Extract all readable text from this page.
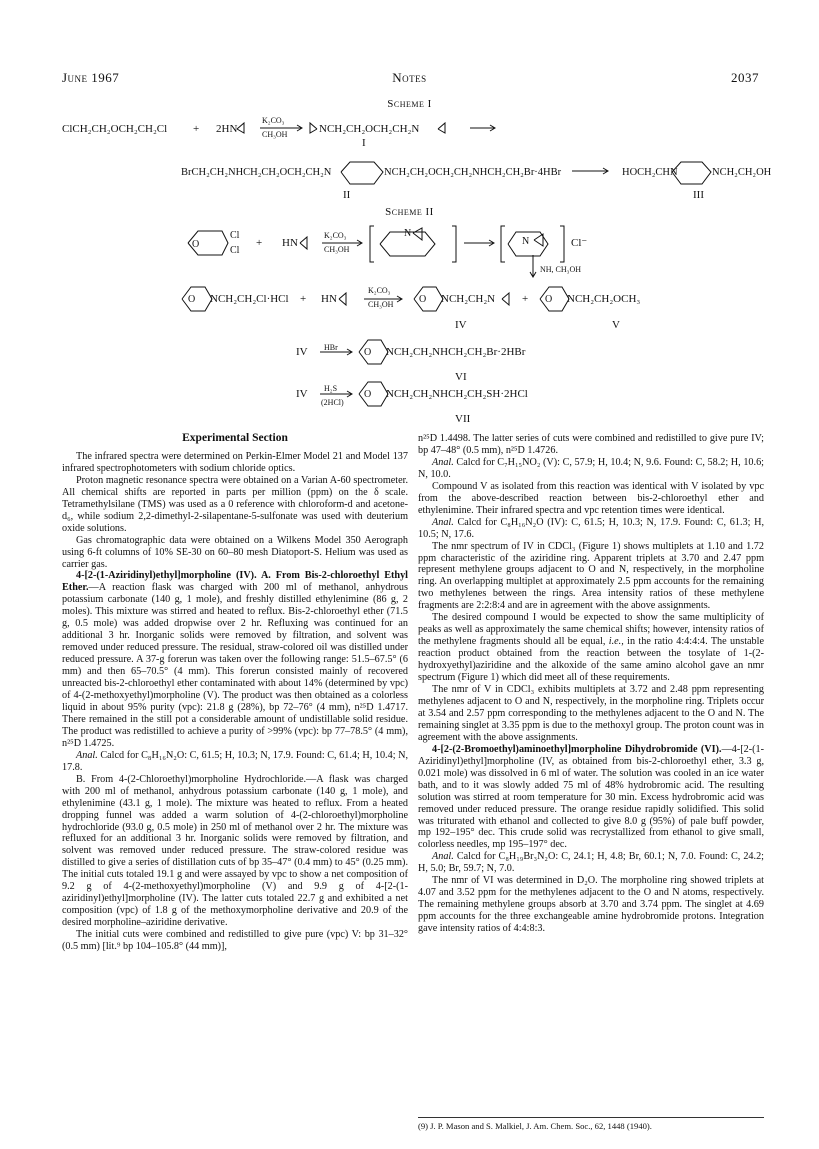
June 1967	Notes	2037
Scheme I
Scheme II
ClCH₂CH₂OCH₂CH₂Cl + 2HN
K₂CO₃
CH₃OH	NCH₂CH₂OCH₂CH₂N
I
BrCH₂CH₂NHCH₂CH₂OCH₂CH₂N	NCH₂CH₂OCH₂CH₂NHCH₂CH₂Br·4HBr
II
HOCH₂CHN	NCH₂CH₂OH
III
O
Cl
Cl
+ HN
K₂CO₃
CH₃OH
N
N	Cl⁻
NH, CH₃OH
O NCH₂CH₂Cl·HCl + HN
K₂CO₃
CH₃OH	O NCH₂CH₂N
IV
+ O NCH₂CH₂OCH₃
V
IV HBr	O NCH₂CH₂NHCH₂CH₂Br·2HBr
VI
IV H₂S
(2HCl)
O NCH₂CH₂NHCH₂CH₂SH·2HCl
VII
Experimental Section

The infrared spectra were determined on Perkin-Elmer Model 21 and Model 137 infrared spectrophotometers with sodium chloride optics.

Proton magnetic resonance spectra were obtained on a Varian A-60 spectrometer. All chemical shifts are reported in parts per million (ppm) on the δ scale. Tetramethylsilane (TMS) was used as a 0 reference with chloroform-d and acetone-d₆, while sodium 2,2-dimethyl-2-silapentane-5-sulfonate was used with deuterium oxide solutions.

Gas chromatographic data were obtained on a Wilkens Model 350 Aerograph using 6-ft columns of 10% SE-30 on 60–80 mesh Diatoport-S. Helium was used as carrier gas.

4-[2-(1-Aziridinyl)ethyl]morpholine (IV). A. From Bis-2-chloroethyl Ethyl Ether.—A reaction flask was charged with 200 ml of methanol, anhydrous potassium carbonate (140 g, 1 mole), and freshly distilled ethylenimine (86 g, 2 moles). This mixture was stirred and heated to reflux. Bis-2-chloroethyl ether (71.5 g, 0.5 mole) was added dropwise over 2 hr. Refluxing was continued for an additional 3 hr. Inorganic solids were removed by filtration, and solvent was removed under reduced pressure. The residual, straw-colored oil was distilled under reduced pressure. A 37-g forerun was taken over the following range: 51.5–67.5° (6 mm) and then 65–70.5° (4 mm). This forerun consisted mainly of recovered unreacted bis-2-chloroethyl ether contaminated with about 14% (determined by vpc) of 4-(2-methoxyethyl)morpholine (V). The product was then obtained as a colorless liquid in about 95% purity (vpc): 21.8 g (28%), bp 72–76° (4 mm), n²⁵D 1.4717. There remained in the still pot a considerable amount of undistillable solid residue. The product was redistilled to achieve a purity of >99% (vpc): bp 77–78.5° (4 mm), n²⁵D 1.4725.

Anal. Calcd for C₈H₁₆N₂O: C, 61.5; H, 10.3; N, 17.9. Found: C, 61.4; H, 10.4; N, 17.8.

B. From 4-(2-Chloroethyl)morpholine Hydrochloride.—A flask was charged with 200 ml of methanol, anhydrous potassium carbonate (140 g, 1 mole), and ethylenimine (43.1 g, 1 mole). The mixture was heated to reflux. From a heated dropping funnel was added a warm solution of 4-(2-chloroethyl)morpholine hydrochloride (93.0 g, 0.5 mole) in 250 ml of methanol over 2 hr. The mixture was refluxed for an additional 3 hr. Inorganic solids were removed by filtration, and solvent was removed under reduced pressure. The straw-colored residue was distilled to give a series of distillation cuts of bp 35–47° (0.4 mm) to 45° (0.25 mm). The initial cuts totaled 19.1 g and were assayed by vpc to show a net composition of 9.2 g of 4-(2-methoxyethyl)morpholine (V) and 9.9 g of 4-[2-(1-aziridinyl)ethyl]morpholine (IV). The latter cuts totaled 22.7 g and exhibited a net composition (vpc) of 1.8 g of the methoxymorpholine derivative and 20.9 of the desired morpholine–aziridine derivative.

The initial cuts were combined and redistilled to give pure (vpc) V: bp 31–32° (0.5 mm) [lit.⁹ bp 104–105.8° (44 mm)],

n²⁵D 1.4498. The latter series of cuts were combined and redistilled to give pure IV; bp 47–48° (0.5 mm), n²⁵D 1.4726.

Anal. Calcd for C₇H₁₅NO₂ (V): C, 57.9; H, 10.4; N, 9.6. Found: C, 58.2; H, 10.6; N, 10.0.

Compound V as isolated from this reaction was identical with V isolated by vpc from the above-described reaction between bis-2-chloroethyl ether and ethylenimine. Their infrared spectra and vpc retention times were identical.

Anal. Calcd for C₈H₁₆N₂O (IV): C, 61.5; H, 10.3; N, 17.9. Found: C, 61.3; H, 10.5; N, 17.6.

The nmr spectrum of IV in CDCl₃ (Figure 1) shows multiplets at 1.10 and 1.72 ppm characteristic of the aziridine ring. Apparent triplets at 3.70 and 2.47 ppm represent methylene groups adjacent to O and N, respectively, in the morpholine ring. An overlapping multiplet at approximately 2.5 ppm accounts for the remaining two methylenes between the rings. Area intensity ratios of these methylene fragments are 2:2:8:4 and are in agreement with the above assignments.

The desired compound I would be expected to show the same multiplicity of peaks as well as approximately the same chemical shifts; however, intensity ratios of the methylene fragments should all be equal, i.e., in the ratio 4:4:4:4. The unstable reaction product obtained from the reaction between the tosylate of 1-(2-hydroxyethyl)aziridine and the alkoxide of the same amino alcohol gave an nmr spectrum (Figure 1) which did meet all of these requirements.

The nmr of V in CDCl₃ exhibits multiplets at 3.72 and 2.48 ppm representing methylenes adjacent to O and N, respectively, in the morpholine ring. Triplets occur at 3.54 and 2.57 ppm corresponding to the methylenes adjacent to the O and N. The remaining singlet at 3.35 ppm is due to the methoxyl group. The proton count was in agreement with the above assignments.

4-[2-(2-Bromoethyl)aminoethyl]morpholine Dihydrobromide (VI).—4-[2-(1-Aziridinyl)ethyl]morpholine (IV, as obtained from bis-2-chloroethyl ether, 3.3 g, 0.021 mole) was dissolved in 6 ml of water. The solution was cooled in an ice water bath, and to it was slowly added 75 ml of 48% hydrobromic acid. The resulting solution was stirred at room temperature for 30 min. Excess hydrobromic acid was removed under reduced pressure. The orange residue rapidly solidified. This solid was triturated with ethanol and collected to give 8.0 g (95%) of pale buff powder, mp 192–195° dec. This crude solid was recrystallized from ethanol to give small, colorless needles, mp 195–197° dec.

Anal. Calcd for C₈H₁₉Br₃N₂O: C, 24.1; H, 4.8; Br, 60.1; N, 7.0. Found: C, 24.2; H, 5.0; Br, 59.7; N, 7.0.

The nmr of VI was determined in D₂O. The morpholine ring showed triplets at 4.07 and 3.52 ppm for the methylenes adjacent to the O and N atoms, respectively. The remaining methylene groups absorb at 3.70 and 3.74 ppm. The singlet at 4.69 ppm accounts for the three exchangeable amine hydrobromide protons. Integration gave intensity ratios of 4:4:8:3.

(9) J. P. Mason and S. Malkiel, J. Am. Chem. Soc., 62, 1448 (1940).
